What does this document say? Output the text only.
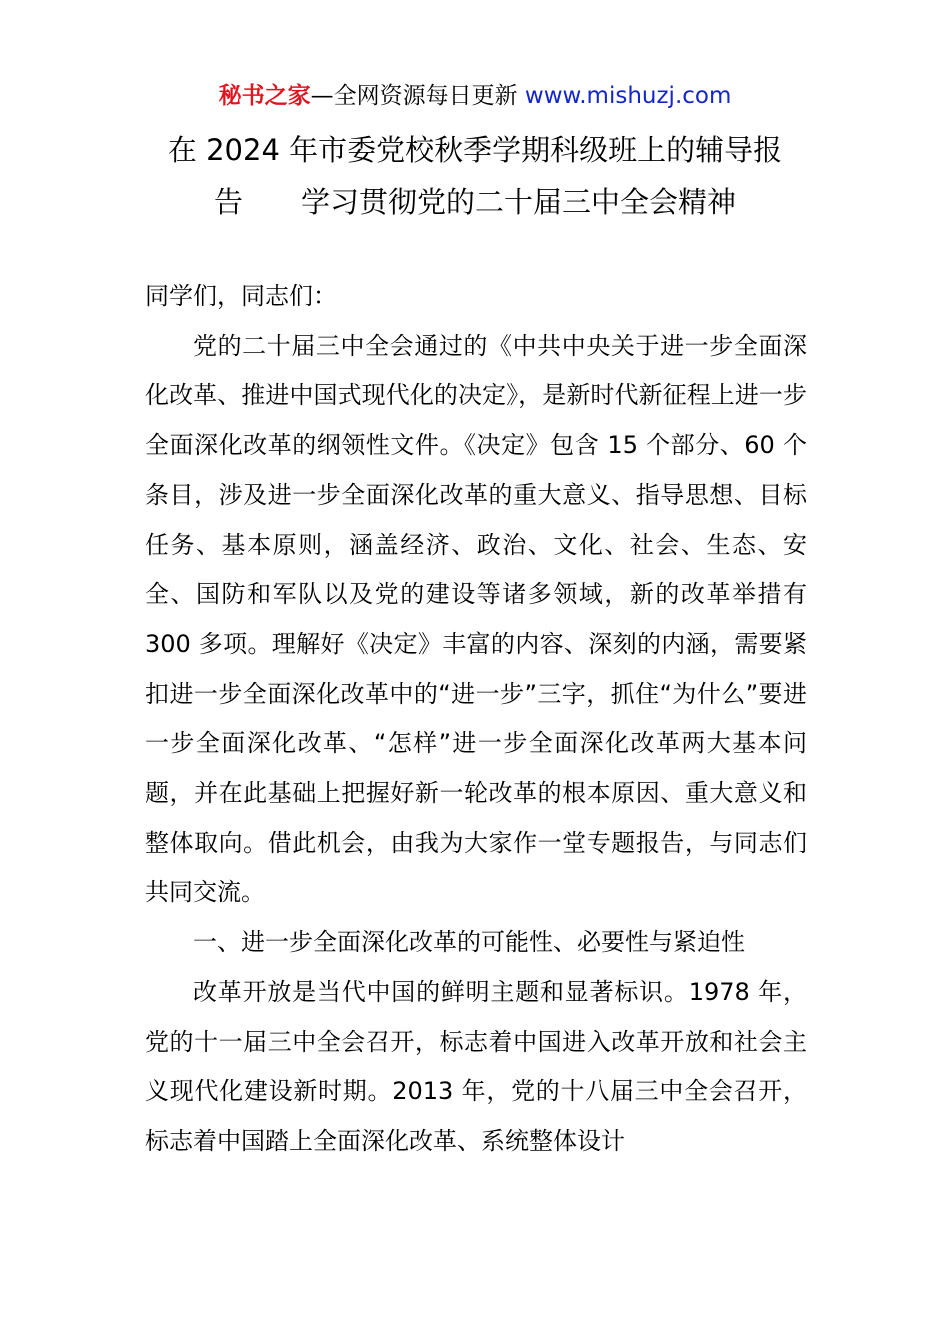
秘书之家—全网资源每日更新 www.mishuzj.com
在 2024 年市委党校秋季学期科级班上的辅导报
告 学习贯彻党的二十届三中全会精神

同学们，同志们：

党的二十届三中全会通过的《中共中央关于进一步全面深化改革、推进中国式现代化的决定》，是新时代新征程上进一步全面深化改革的纲领性文件。《决定》包含 15 个部分、60 个条目，涉及进一步全面深化改革的重大意义、指导思想、目标任务、基本原则，涵盖经济、政治、文化、社会、生态、安全、国防和军队以及党的建设等诸多领域，新的改革举措有 300 多项。理解好《决定》丰富的内容、深刻的内涵，需要紧扣进一步全面深化改革中的“进一步”三字，抓住“为什么”要进一步全面深化改革、“怎样”进一步全面深化改革两大基本问题，并在此基础上把握好新一轮改革的根本原因、重大意义和整体取向。借此机会，由我为大家作一堂专题报告，与同志们共同交流。

一、进一步全面深化改革的可能性、必要性与紧迫性

改革开放是当代中国的鲜明主题和显著标识。1978 年，党的十一届三中全会召开，标志着中国进入改革开放和社会主义现代化建设新时期。2013 年，党的十八届三中全会召开，标志着中国踏上全面深化改革、系统整体设计
